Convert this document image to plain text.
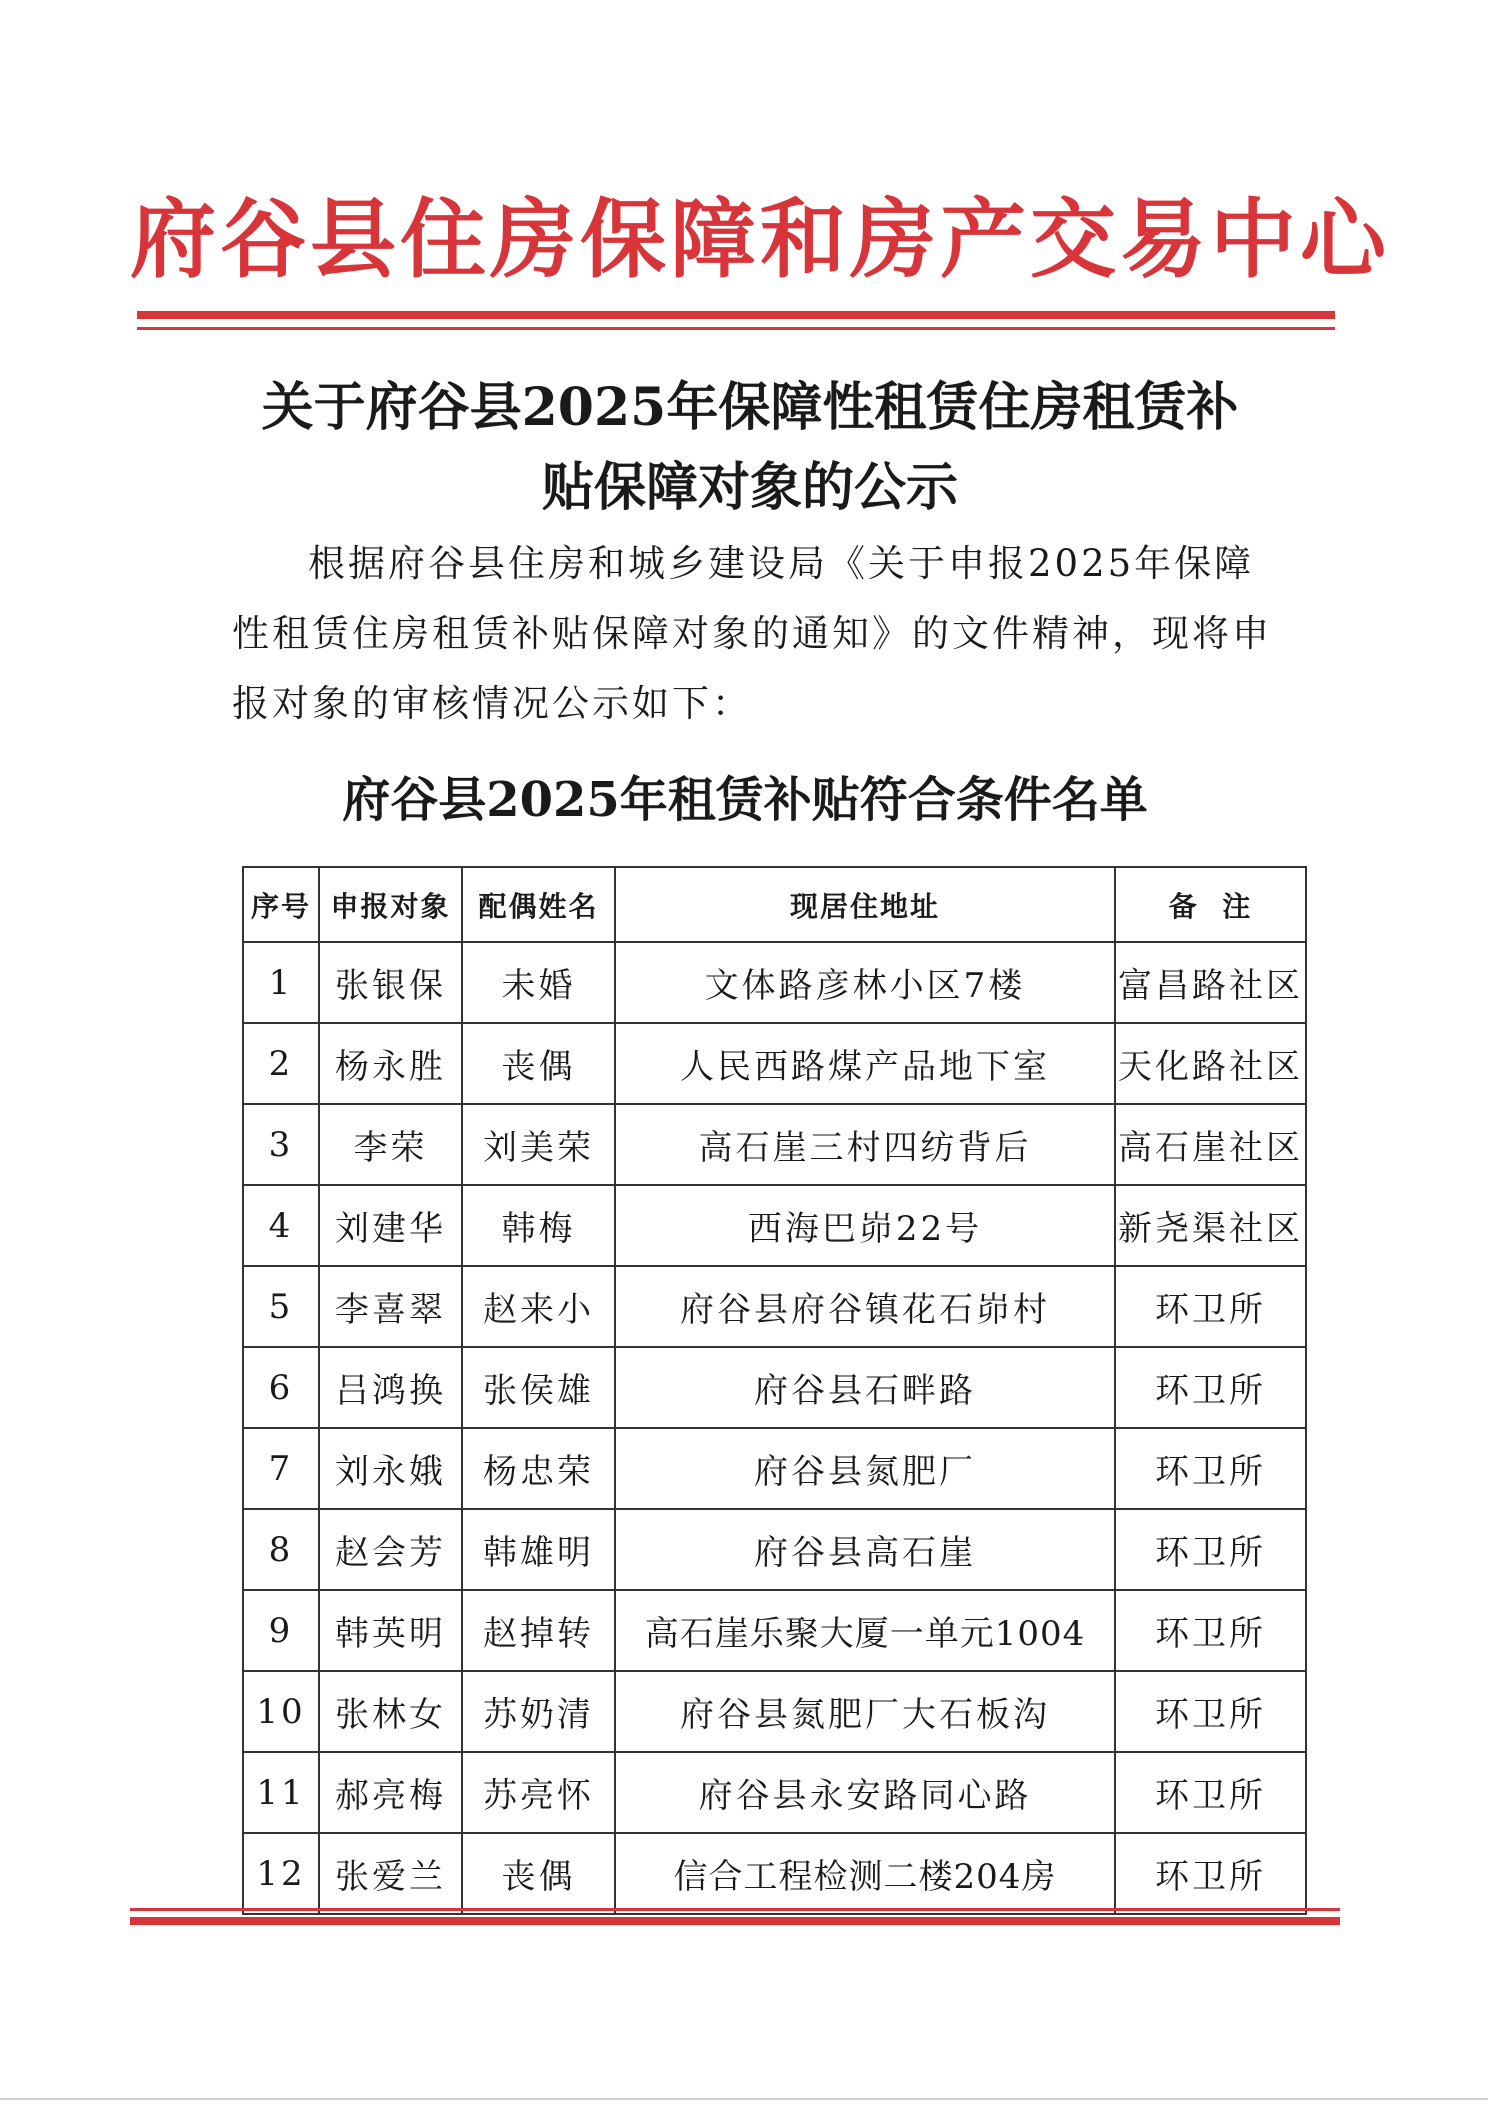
府谷县住房保障和房产交易中心
关于府谷县2025年保障性租赁住房租赁补
贴保障对象的公示
根据府谷县住房和城乡建设局《关于申报2025年保障
性租赁住房租赁补贴保障对象的通知》的文件精神，现将申
报对象的审核情况公示如下：
府谷县2025年租赁补贴符合条件名单
序号	申报对象	配偶姓名	现居住地址	备  注
1	张银保	未婚	文体路彦林小区7楼	富昌路社区
2	杨永胜	丧偶	人民西路煤产品地下室	天化路社区
3	李荣	刘美荣	高石崖三村四纺背后	高石崖社区
4	刘建华	韩梅	西海巴峁22号	新尧渠社区
5	李喜翠	赵来小	府谷县府谷镇花石峁村	环卫所
6	吕鸿换	张侯雄	府谷县石畔路	环卫所
7	刘永娥	杨忠荣	府谷县氮肥厂	环卫所
8	赵会芳	韩雄明	府谷县高石崖	环卫所
9	韩英明	赵掉转	高石崖乐聚大厦一单元1004	环卫所
10	张林女	苏奶清	府谷县氮肥厂大石板沟	环卫所
11	郝亮梅	苏亮怀	府谷县永安路同心路	环卫所
12	张爱兰	丧偶	信合工程检测二楼204房	环卫所
